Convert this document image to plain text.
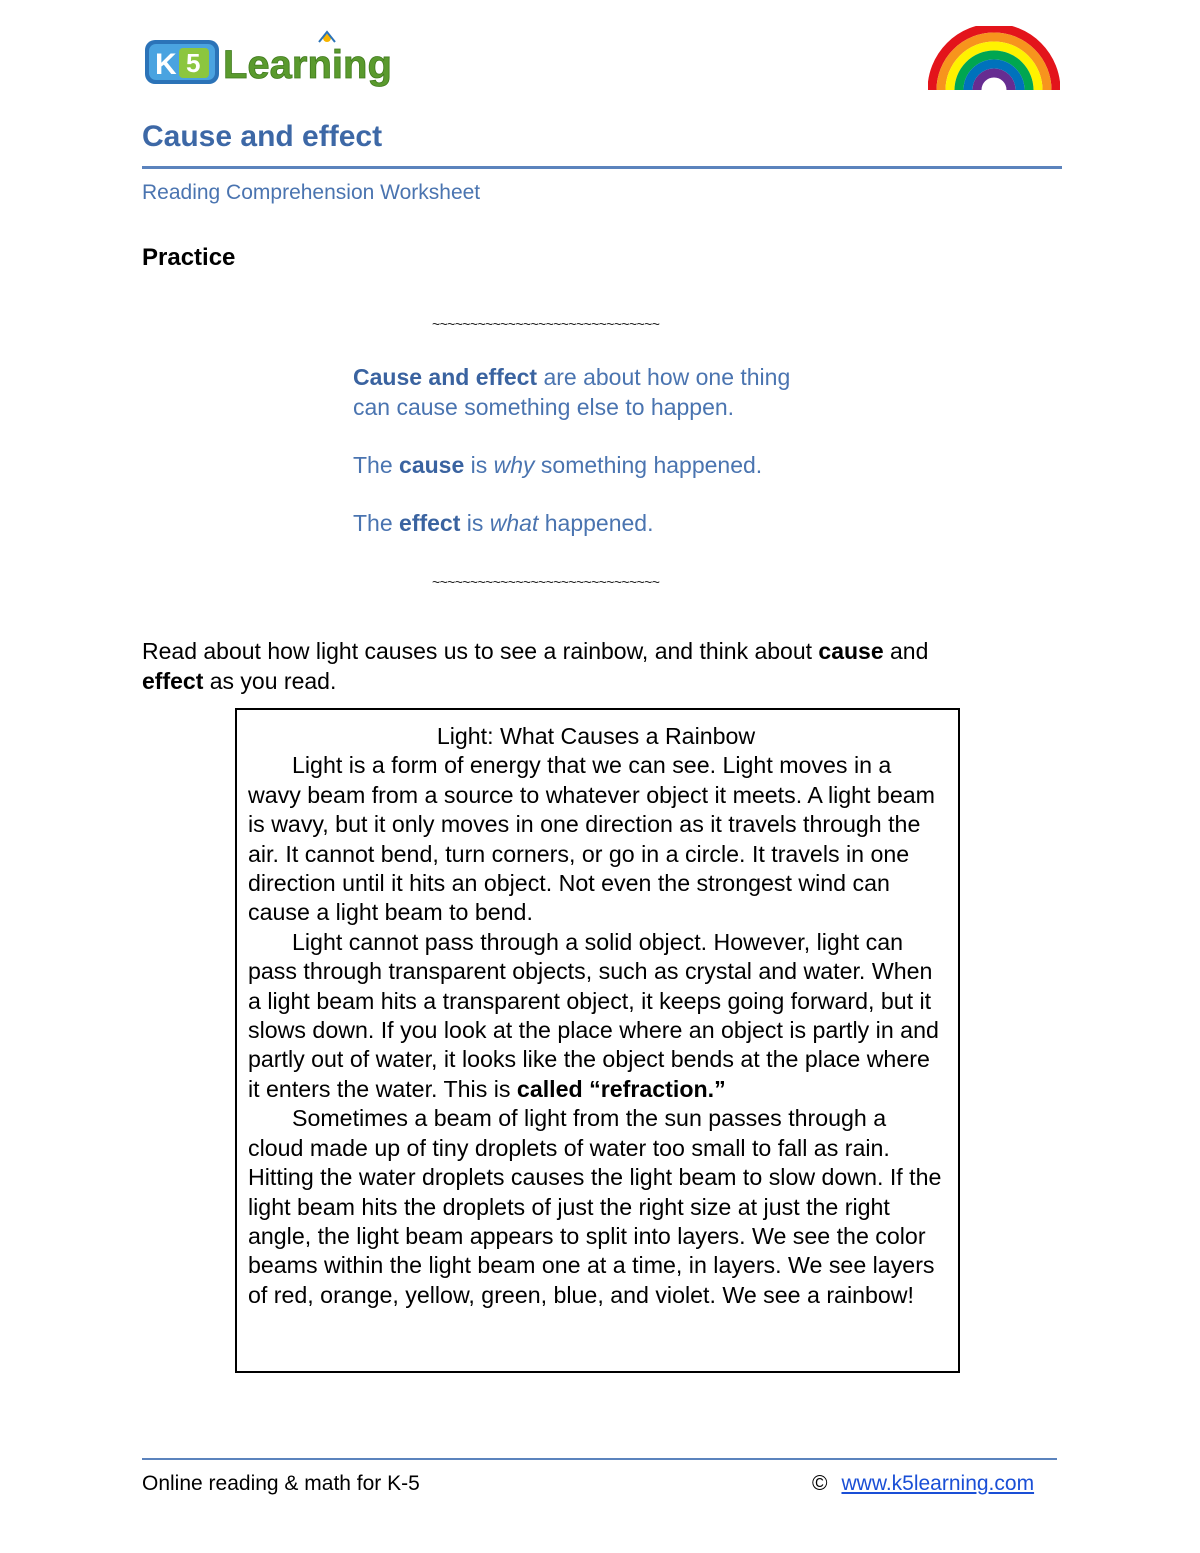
K 5 Learning
Cause and effect
Reading Comprehension Worksheet
Practice
~~~~~~~~~~~~~~~~~~~~~~~~~~~~~~
Cause and effect are about how one thing
can cause something else to happen.
The cause is why something happened.
The effect is what happened.
~~~~~~~~~~~~~~~~~~~~~~~~~~~~~~
Read about how light causes us to see a rainbow, and think about cause and
effect as you read.
Light: What Causes a Rainbow

Light is a form of energy that we can see. Light moves in a wavy beam from a source to whatever object it meets. A light beam is wavy, but it only moves in one direction as it travels through the air. It cannot bend, turn corners, or go in a circle. It travels in one direction until it hits an object. Not even the strongest wind can cause a light beam to bend.

Light cannot pass through a solid object. However, light can pass through transparent objects, such as crystal and water. When a light beam hits a transparent object, it keeps going forward, but it slows down. If you look at the place where an object is partly in and partly out of water, it looks like the object bends at the place where it enters the water. This is called “refraction.”

Sometimes a beam of light from the sun passes through a cloud made up of tiny droplets of water too small to fall as rain. Hitting the water droplets causes the light beam to slow down. If the light beam hits the droplets of just the right size at just the right angle, the light beam appears to split into layers. We see the color beams within the light beam one at a time, in layers. We see layers of red, orange, yellow, green, blue, and violet. We see a rainbow!

Online reading & math for K-5	© www.k5learning.com
